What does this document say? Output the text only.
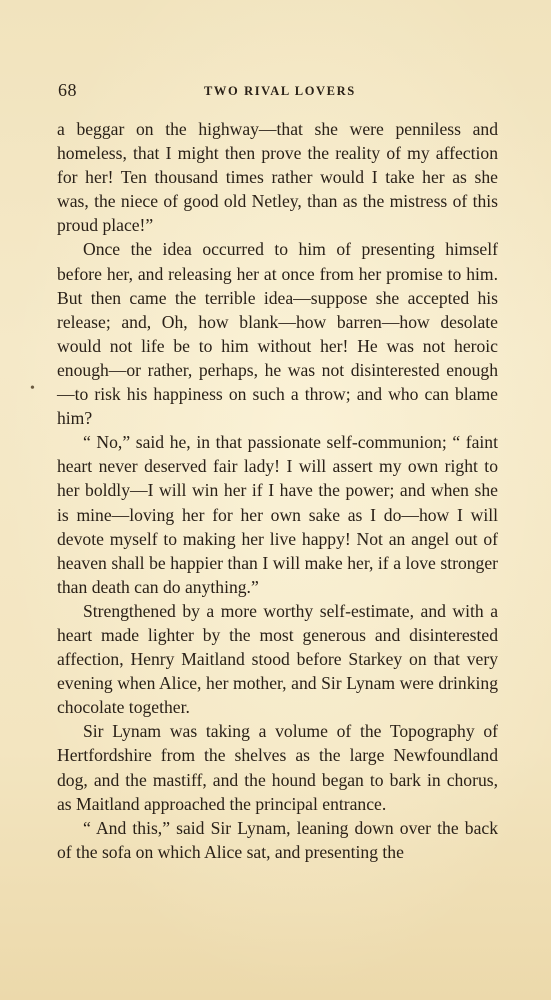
68	TWO RIVAL LOVERS
•

a beggar on the highway—that she were penniless and homeless, that I might then prove the reality of my affection for her! Ten thousand times rather would I take her as she was, the niece of good old Netley, than as the mistress of this proud place!”

Once the idea occurred to him of presenting himself before her, and releasing her at once from her promise to him. But then came the terrible idea—suppose she accepted his release; and, Oh, how blank—how barren—how desolate would not life be to him without her! He was not heroic enough—or rather, perhaps, he was not disinterested enough—to risk his happiness on such a throw; and who can blame him?

“ No,” said he, in that passionate self-communion; “ faint heart never deserved fair lady! I will assert my own right to her boldly—I will win her if I have the power; and when she is mine—loving her for her own sake as I do—how I will devote myself to making her live happy! Not an angel out of heaven shall be happier than I will make her, if a love stronger than death can do anything.”

Strengthened by a more worthy self-estimate, and with a heart made lighter by the most generous and disinterested affection, Henry Maitland stood before Starkey on that very evening when Alice, her mother, and Sir Lynam were drinking chocolate together.

Sir Lynam was taking a volume of the Topography of Hertfordshire from the shelves as the large Newfoundland dog, and the mastiff, and the hound began to bark in chorus, as Maitland approached the principal entrance.

“ And this,” said Sir Lynam, leaning down over the back of the sofa on which Alice sat, and presenting the
